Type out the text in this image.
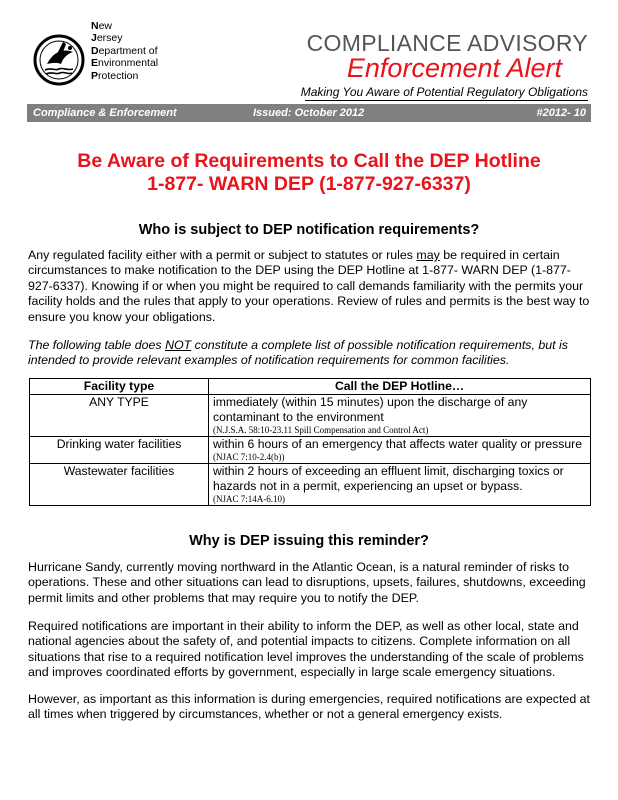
New
Jersey
Department of
Environmental
Protection
COMPLIANCE ADVISORY
Enforcement Alert
Making You Aware of Potential Regulatory Obligations
Compliance & Enforcement	Issued: October 2012	#2012- 10
Be Aware of Requirements to Call the DEP Hotline
1-877- WARN DEP (1-877-927-6337)
Who is subject to DEP notification requirements?

Any regulated facility either with a permit or subject to statutes or rules may be required in certain circumstances to make notification to the DEP using the DEP Hotline at 1-877- WARN DEP (1-877-927-6337). Knowing if or when you might be required to call demands familiarity with the permits your facility holds and the rules that apply to your operations. Review of rules and permits is the best way to ensure you know your obligations.

The following table does NOT constitute a complete list of possible notification requirements, but is intended to provide relevant examples of notification requirements for common facilities.

Facility type	Call the DEP Hotline…
ANY TYPE	immediately (within 15 minutes) upon the discharge of any contaminant to the environment
(N.J.S.A. 58:10-23.11 Spill Compensation and Control Act)

Drinking water facilities	within 6 hours of an emergency that affects water quality or pressure
(NJAC 7:10-2.4(b))

Wastewater facilities	within 2 hours of exceeding an effluent limit, discharging toxics or hazards not in a permit, experiencing an upset or bypass.
(NJAC 7:14A-6.10)
Why is DEP issuing this reminder?

Hurricane Sandy, currently moving northward in the Atlantic Ocean, is a natural reminder of risks to operations. These and other situations can lead to disruptions, upsets, failures, shutdowns, exceeding permit limits and other problems that may require you to notify the DEP.

Required notifications are important in their ability to inform the DEP, as well as other local, state and national agencies about the safety of, and potential impacts to citizens. Complete information on all situations that rise to a required notification level improves the understanding of the scale of problems and improves coordinated efforts by government, especially in large scale emergency situations.

However, as important as this information is during emergencies, required notifications are expected at all times when triggered by circumstances, whether or not a general emergency exists.
